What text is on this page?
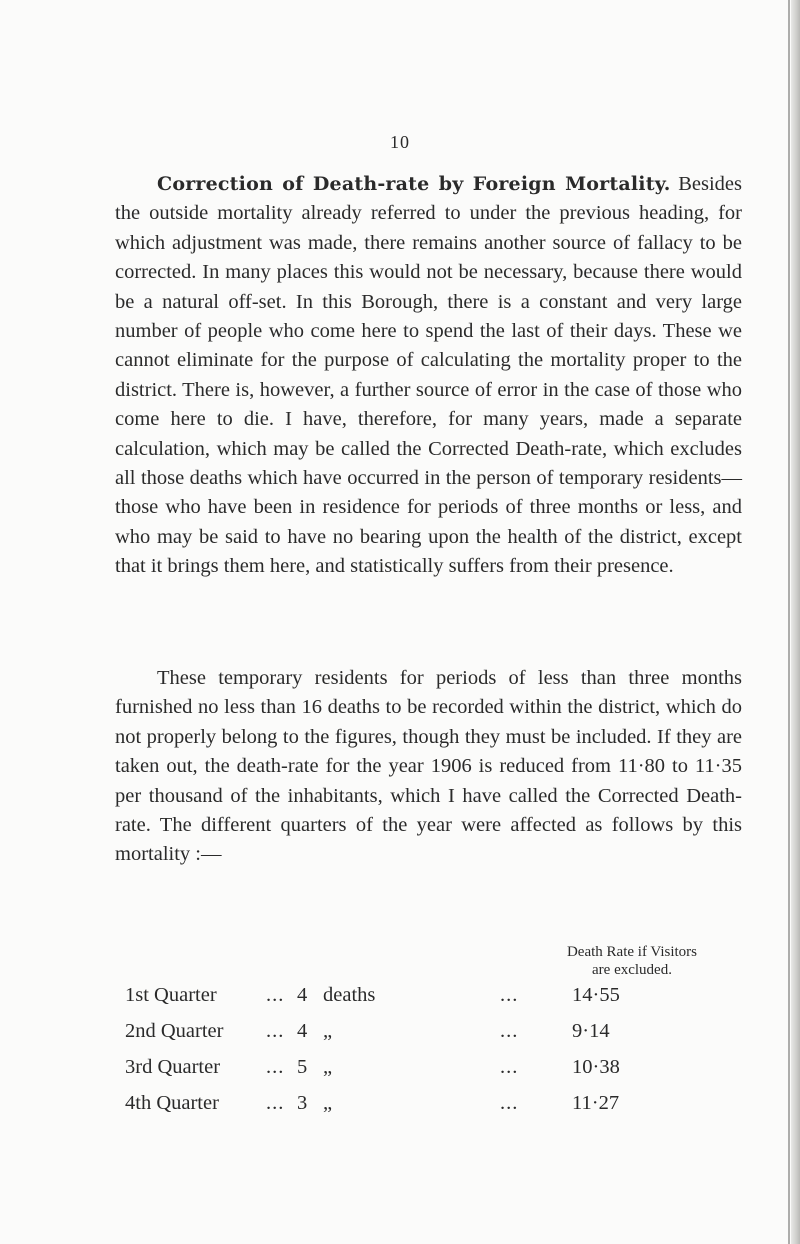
10
Correction of Death-rate by Foreign Mortality. Besides the outside mortality already referred to under the previous heading, for which adjustment was made, there remains another source of fallacy to be corrected. In many places this would not be necessary, because there would be a natural off-set. In this Borough, there is a constant and very large number of people who come here to spend the last of their days. These we cannot eliminate for the purpose of calculating the mortality proper to the district. There is, however, a further source of error in the case of those who come here to die. I have, therefore, for many years, made a separate calculation, which may be called the Corrected Death-rate, which excludes all those deaths which have occurred in the person of temporary residents—those who have been in residence for periods of three months or less, and who may be said to have no bearing upon the health of the district, except that it brings them here, and statistically suffers from their presence.
These temporary residents for periods of less than three months furnished no less than 16 deaths to be recorded within the district, which do not properly belong to the figures, though they must be included. If they are taken out, the death-rate for the year 1906 is reduced from 11·80 to 11·35 per thousand of the inhabitants, which I have called the Corrected Death-rate. The different quarters of the year were affected as follows by this mortality :—
Death Rate if Visitors
are excluded.
1st Quarter ... 4 deaths	...	14·55
2nd Quarter ... 4 „	...	9·14
3rd Quarter ... 5 „	...	10·38
4th Quarter ... 3 „	...	11·27
